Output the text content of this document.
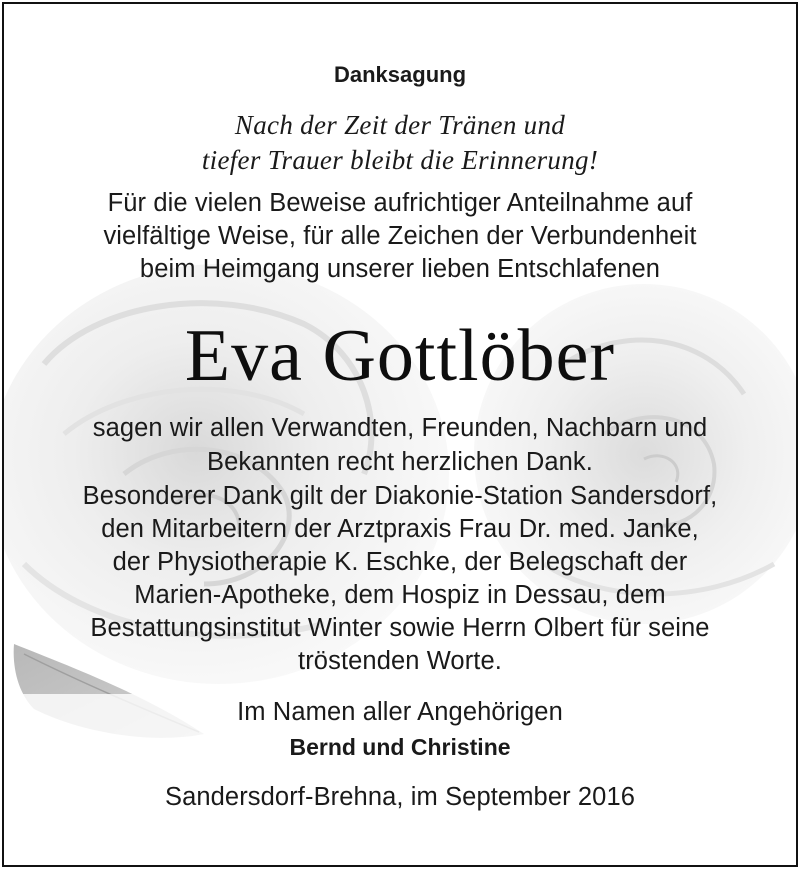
Danksagung
Nach der Zeit der Tränen und
tiefer Trauer bleibt die Erinnerung!
Für die vielen Beweise aufrichtiger Anteilnahme auf
vielfältige Weise, für alle Zeichen der Verbundenheit
beim Heimgang unserer lieben Entschlafenen
Eva Gottlöber
sagen wir allen Verwandten, Freunden, Nachbarn und
Bekannten recht herzlichen Dank.
Besonderer Dank gilt der Diakonie-Station Sandersdorf,
den Mitarbeitern der Arztpraxis Frau Dr. med. Janke,
der Physiotherapie K. Eschke, der Belegschaft der
Marien-Apotheke, dem Hospiz in Dessau, dem
Bestattungsinstitut Winter sowie Herrn Olbert für seine
tröstenden Worte.
Im Namen aller Angehörigen
Bernd und Christine
Sandersdorf-Brehna, im September 2016
